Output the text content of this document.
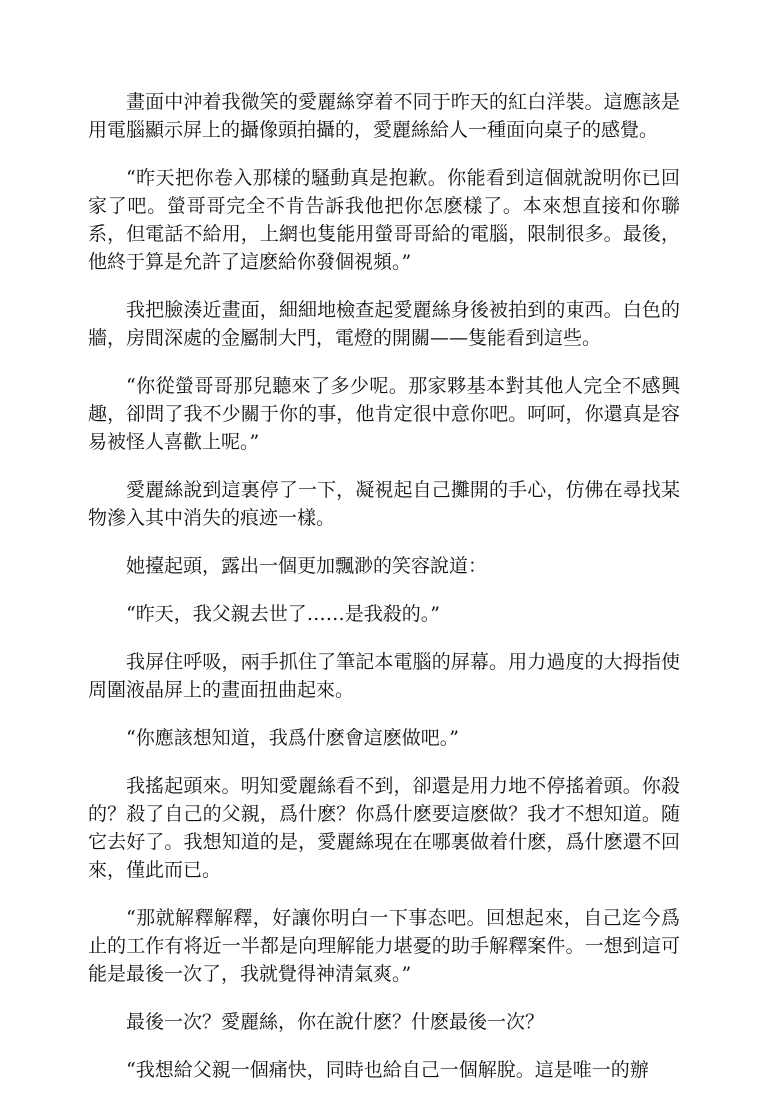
畫面中沖着我微笑的愛麗絲穿着不同于昨天的紅白洋裝。這應該是用電腦顯示屏上的攝像頭拍攝的，愛麗絲給人一種面向桌子的感覺。

“昨天把你卷入那樣的騷動真是抱歉。你能看到這個就說明你已回家了吧。螢哥哥完全不肯告訴我他把你怎麽樣了。本來想直接和你聯系，但電話不給用，上網也隻能用螢哥哥給的電腦，限制很多。最後，他終于算是允許了這麽給你發個視頻。”

我把臉湊近畫面，細細地檢查起愛麗絲身後被拍到的東西。白色的牆，房間深處的金屬制大門，電燈的開關——隻能看到這些。

“你從螢哥哥那兒聽來了多少呢。那家夥基本對其他人完全不感興趣，卻問了我不少關于你的事，他肯定很中意你吧。呵呵，你還真是容易被怪人喜歡上呢。”

愛麗絲說到這裏停了一下，凝視起自己攤開的手心，仿佛在尋找某物滲入其中消失的痕迹一樣。

她擡起頭，露出一個更加飄渺的笑容說道：

“昨天，我父親去世了……是我殺的。”

我屏住呼吸，兩手抓住了筆記本電腦的屏幕。用力過度的大拇指使周圍液晶屏上的畫面扭曲起來。

“你應該想知道，我爲什麽會這麽做吧。”

我搖起頭來。明知愛麗絲看不到，卻還是用力地不停搖着頭。你殺的？殺了自己的父親，爲什麽？你爲什麽要這麽做？我才不想知道。随它去好了。我想知道的是，愛麗絲現在在哪裏做着什麽，爲什麽還不回來，僅此而已。

“那就解釋解釋，好讓你明白一下事态吧。回想起來，自己迄今爲止的工作有将近一半都是向理解能力堪憂的助手解釋案件。一想到這可能是最後一次了，我就覺得神清氣爽。”

最後一次？愛麗絲，你在說什麽？什麽最後一次？

“我想給父親一個痛快，同時也給自己一個解脫。這是唯一的辦
